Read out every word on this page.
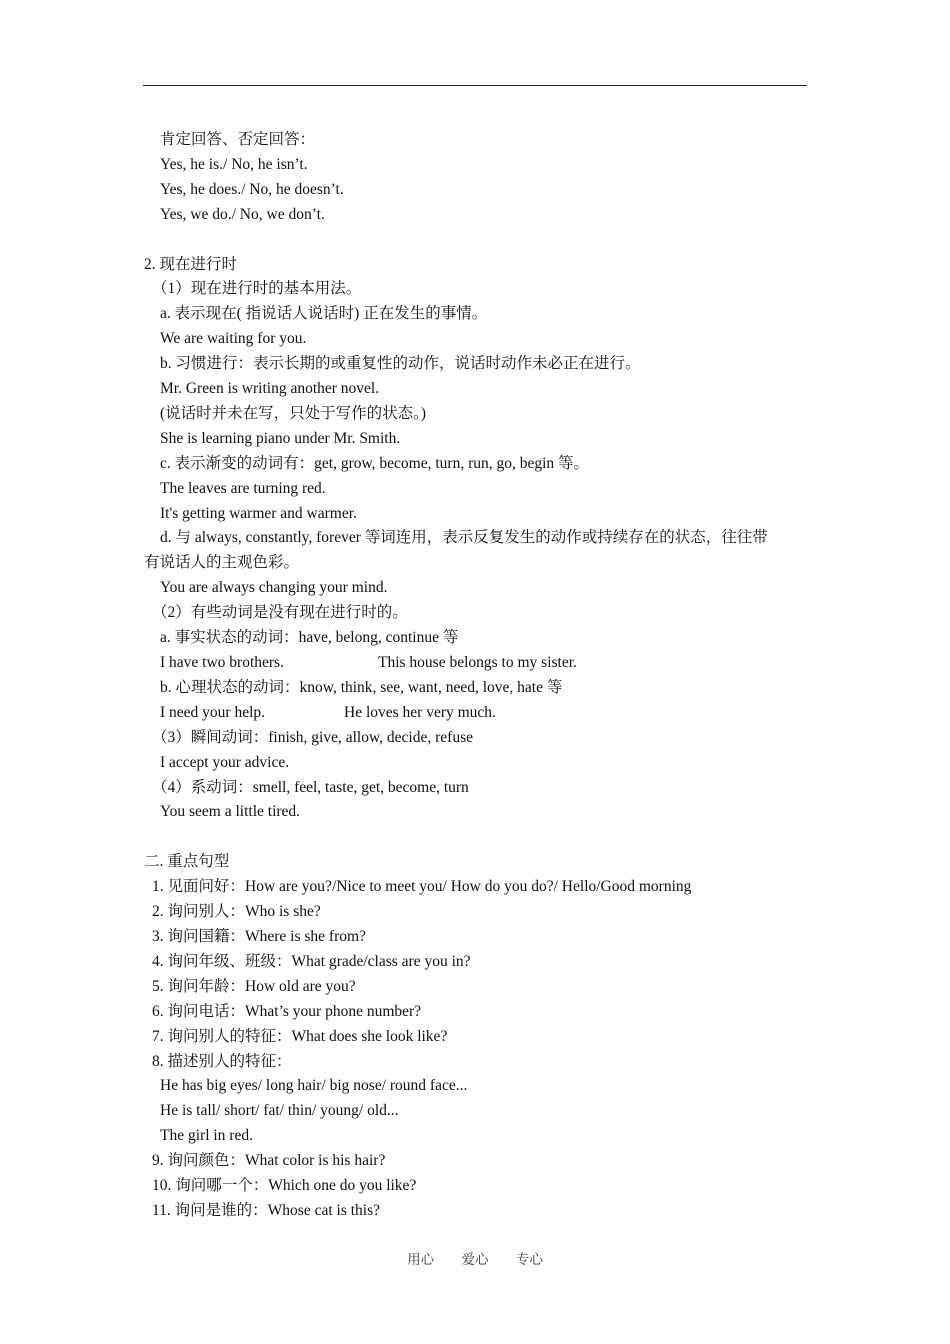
肯定回答、否定回答：
Yes, he is./ No, he isn’t.
Yes, he does./ No, he doesn’t.
Yes, we do./ No, we don’t.
2. 现在进行时
（1）现在进行时的基本用法。
a. 表示现在( 指说话人说话时) 正在发生的事情。
We are waiting for you.
b. 习惯进行：表示长期的或重复性的动作，说话时动作未必正在进行。
Mr. Green is writing another novel.
(说话时并未在写，只处于写作的状态。)
She is learning piano under Mr. Smith.
c. 表示渐变的动词有：get, grow, become, turn, run, go, begin 等。
The leaves are turning red.
It's getting warmer and warmer.
d. 与 always, constantly, forever 等词连用，表示反复发生的动作或持续存在的状态，往往带
有说话人的主观色彩。
You are always changing your mind.
（2）有些动词是没有现在进行时的。
a. 事实状态的动词：have, belong, continue 等
I have two brothers.	This house belongs to my sister.
b. 心理状态的动词：know, think, see, want, need, love, hate 等
I need your help.	He loves her very much.
（3）瞬间动词：finish, give, allow, decide, refuse
I accept your advice.
（4）系动词：smell, feel, taste, get, become, turn
You seem a little tired.
二. 重点句型
1. 见面问好：How are you?/Nice to meet you/ How do you do?/ Hello/Good morning
2. 询问别人：Who is she?
3. 询问国籍：Where is she from?
4. 询问年级、班级：What grade/class are you in?
5. 询问年龄：How old are you?
6. 询问电话：What’s your phone number?
7. 询问别人的特征：What does she look like?
8. 描述别人的特征：
He has big eyes/ long hair/ big nose/ round face...
He is tall/ short/ fat/ thin/ young/ old...
The girl in red.
9. 询问颜色：What color is his hair?
10. 询问哪一个：Which one do you like?
11. 询问是谁的：Whose cat is this?
用心 爱心 专心
